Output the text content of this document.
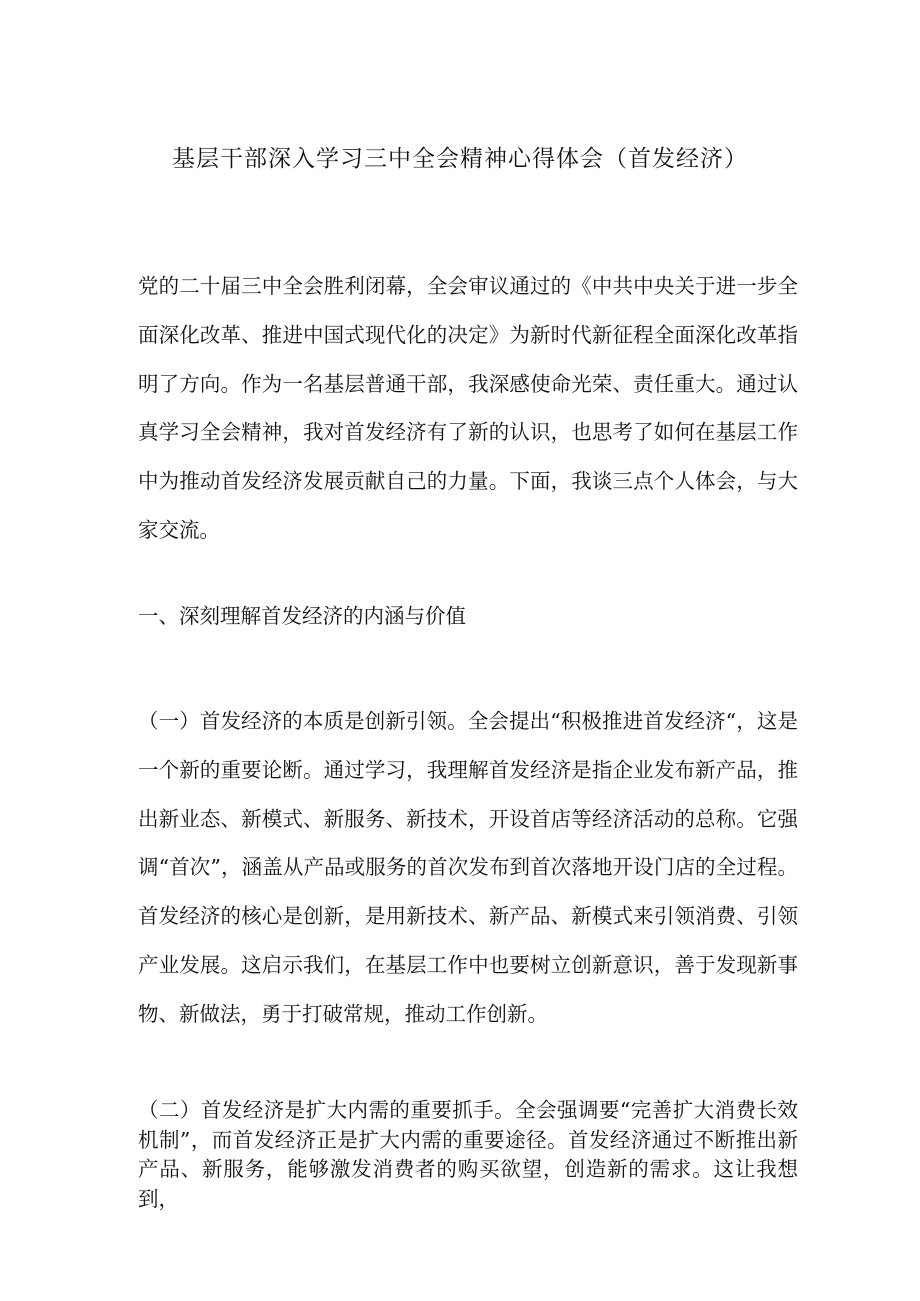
基层干部深入学习三中全会精神心得体会（首发经济）

党的二十届三中全会胜利闭幕，全会审议通过的《中共中央关于进一步全面深化改革、推进中国式现代化的决定》为新时代新征程全面深化改革指明了方向。作为一名基层普通干部，我深感使命光荣、责任重大。通过认真学习全会精神，我对首发经济有了新的认识，也思考了如何在基层工作中为推动首发经济发展贡献自己的力量。下面，我谈三点个人体会，与大家交流。

一、深刻理解首发经济的内涵与价值

（一）首发经济的本质是创新引领。全会提出“积极推进首发经济“，这是一个新的重要论断。通过学习，我理解首发经济是指企业发布新产品，推出新业态、新模式、新服务、新技术，开设首店等经济活动的总称。它强调“首次”，涵盖从产品或服务的首次发布到首次落地开设门店的全过程。首发经济的核心是创新，是用新技术、新产品、新模式来引领消费、引领产业发展。这启示我们，在基层工作中也要树立创新意识，善于发现新事物、新做法，勇于打破常规，推动工作创新。

（二）首发经济是扩大内需的重要抓手。全会强调要“完善扩大消费长效机制”，而首发经济正是扩大内需的重要途径。首发经济通过不断推出新产品、新服务，能够激发消费者的购买欲望，创造新的需求。这让我想到，
